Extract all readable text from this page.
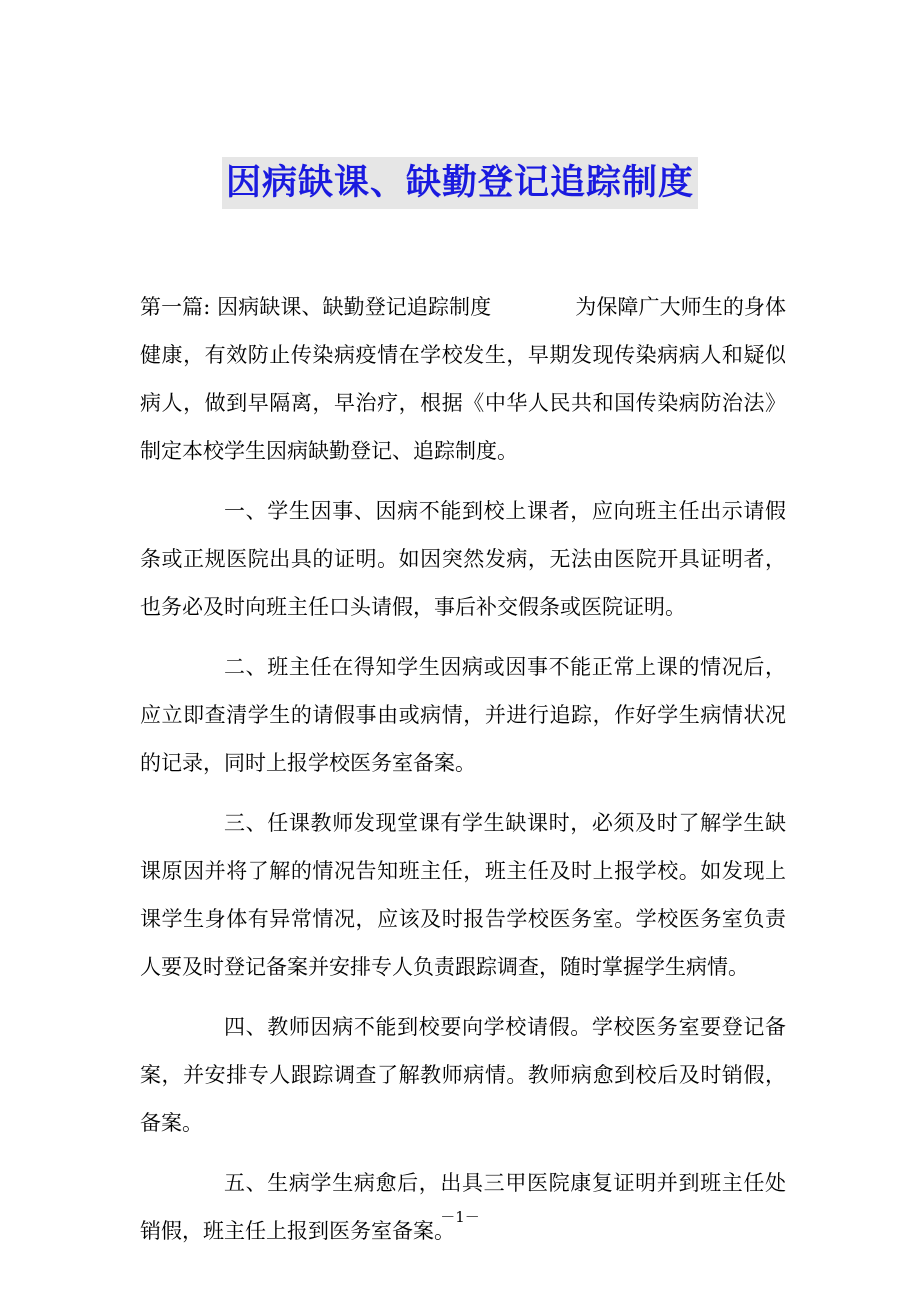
因病缺课、缺勤登记追踪制度

第一篇: 因病缺课、缺勤登记追踪制度	为保障广大师生的身体健康，有效防止传染病疫情在学校发生，早期发现传染病病人和疑似病人，做到早隔离，早治疗，根据《中华人民共和国传染病防治法》制定本校学生因病缺勤登记、追踪制度。

一、学生因事、因病不能到校上课者，应向班主任出示请假条或正规医院出具的证明。如因突然发病，无法由医院开具证明者，也务必及时向班主任口头请假，事后补交假条或医院证明。

二、班主任在得知学生因病或因事不能正常上课的情况后，应立即查清学生的请假事由或病情，并进行追踪，作好学生病情状况的记录，同时上报学校医务室备案。

三、任课教师发现堂课有学生缺课时，必须及时了解学生缺课原因并将了解的情况告知班主任，班主任及时上报学校。如发现上课学生身体有异常情况，应该及时报告学校医务室。学校医务室负责人要及时登记备案并安排专人负责跟踪调查，随时掌握学生病情。

四、教师因病不能到校要向学校请假。学校医务室要登记备案，并安排专人跟踪调查了解教师病情。教师病愈到校后及时销假，备案。

五、生病学生病愈后，出具三甲医院康复证明并到班主任处销假，班主任上报到医务室备案。

－1－
